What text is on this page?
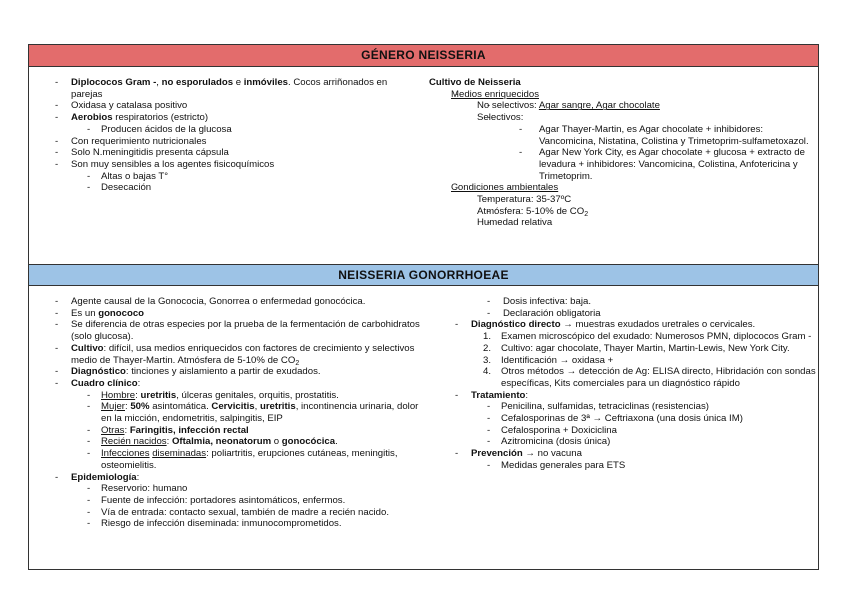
GÉNERO NEISSERIA
- Diplococos Gram -, no esporulados e inmóviles. Cocos arriñonados en parejas
- Oxidasa y catalasa positivo
- Aerobios respiratorios (estricto)
- Producen ácidos de la glucosa
- Con requerimiento nutricionales
- Solo N.meningitidis presenta cápsula
- Son muy sensibles a los agentes fisicoquímicos
- Altas o bajas T°
- Desecación
Cultivo de Neisseria
- Medios enriquecidos
- No selectivos: Agar sangre, Agar chocolate
- Selectivos:
- Agar Thayer-Martin, es Agar chocolate + inhibidores: Vancomicina, Nistatina, Colistina y Trimetoprim-sulfametoxazol.
- Agar New York City, es Agar chocolate + glucosa + extracto de levadura + inhibidores: Vancomicina, Colistina, Anfotericina y Trimetoprim.
- Condiciones ambientales
- Temperatura: 35-37ºC
- Atmósfera: 5-10% de $CO_2$
- Humedad relativa
NEISSERIA GONORRHOEAE
- Agente causal de la Gonococia, Gonorrea o enfermedad gonocócica.
- Es un gonococo
- Se diferencia de otras especies por la prueba de la fermentación de carbohidratos (solo glucosa).
- Cultivo: difícil, usa medios enriquecidos con factores de crecimiento y selectivos medio de Thayer-Martin. Atmósfera de 5-10% de $CO_2$
- Diagnóstico: tinciones y aislamiento a partir de exudados.
- Cuadro clínico:
- Hombre: uretritis, úlceras genitales, orquitis, prostatitis.
- Mujer: 50% asintomática. Cervicitis, uretritis, incontinencia urinaria, dolor en la micción, endometritis, salpingitis, EIP
- Otras: Faringitis, infección rectal
- Recién nacidos: Oftalmia, neonatorum o gonocócica.
- Infecciones diseminadas: poliartritis, erupciones cutáneas, meningitis, osteomielitis.
- Epidemiología:
- Reservorio: humano
- Fuente de infección: portadores asintomáticos, enfermos.
- Vía de entrada: contacto sexual, también de madre a recién nacido.
- Riesgo de infección diseminada: inmunocomprometidos.
- Dosis infectiva: baja.
- Declaración obligatoria
- Diagnóstico directo → muestras exudados uretrales o cervicales.
1. Examen microscópico del exudado: Numerosos PMN, diplococos Gram -
2. Cultivo: agar chocolate, Thayer Martin, Martin-Lewis, New York City.
3. Identificación → oxidasa +
4. Otros métodos → detección de Ag: ELISA directo, Hibridación con sondas específicas, Kits comerciales para un diagnóstico rápido
- Tratamiento:
- Penicilina, sulfamidas, tetraciclinas (resistencias)
- Cefalosporinas de 3ª → Ceftriaxona (una dosis única IM)
- Cefalosporina + Doxiciclina
- Azitromicina (dosis única)
- Prevención → no vacuna
- Medidas generales para ETS
